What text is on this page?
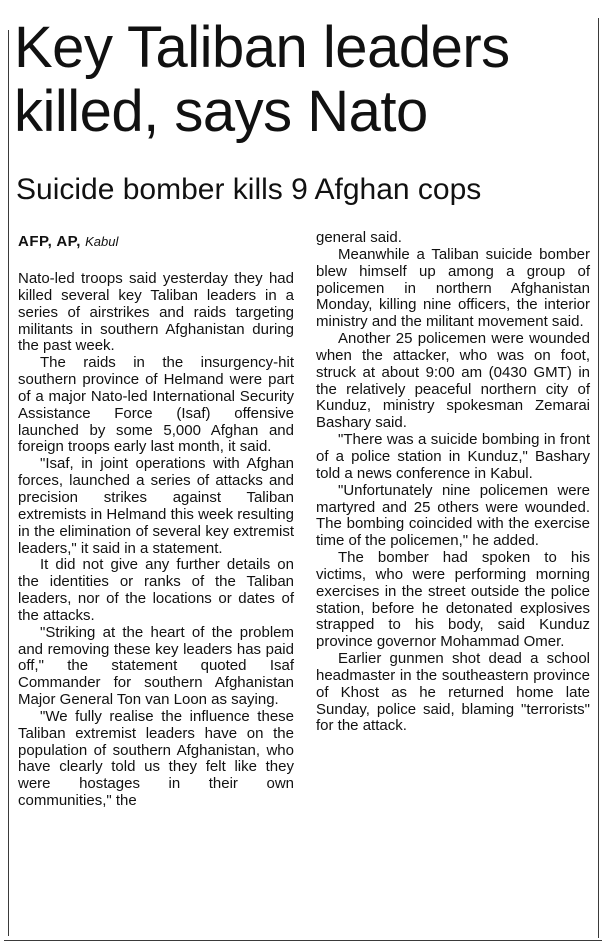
Key Taliban leaders killed, says Nato
Suicide bomber kills 9 Afghan cops
AFP, AP, Kabul

Nato-led troops said yesterday they had killed several key Taliban leaders in a series of airstrikes and raids targeting militants in southern Afghanistan during the past week.

The raids in the insurgency-hit southern province of Helmand were part of a major Nato-led International Security Assistance Force (Isaf) offensive launched by some 5,000 Afghan and foreign troops early last month, it said.

"Isaf, in joint operations with Afghan forces, launched a series of attacks and precision strikes against Taliban extremists in Helmand this week resulting in the elimination of several key extremist leaders," it said in a statement.

It did not give any further details on the identities or ranks of the Taliban leaders, nor of the locations or dates of the attacks.

"Striking at the heart of the problem and removing these key leaders has paid off," the statement quoted Isaf Commander for southern Afghanistan Major General Ton van Loon as saying.

"We fully realise the influence these Taliban extremist leaders have on the population of southern Afghanistan, who have clearly told us they felt like they were hostages in their own communities," the

general said.

Meanwhile a Taliban suicide bomber blew himself up among a group of policemen in northern Afghanistan Monday, killing nine officers, the interior ministry and the militant movement said.

Another 25 policemen were wounded when the attacker, who was on foot, struck at about 9:00 am (0430 GMT) in the relatively peaceful northern city of Kunduz, ministry spokesman Zemarai Bashary said.

"There was a suicide bombing in front of a police station in Kunduz," Bashary told a news conference in Kabul.

"Unfortunately nine policemen were martyred and 25 others were wounded. The bombing coincided with the exercise time of the policemen," he added.

The bomber had spoken to his victims, who were performing morning exercises in the street outside the police station, before he detonated explosives strapped to his body, said Kunduz province governor Mohammad Omer.

Earlier gunmen shot dead a school headmaster in the southeastern province of Khost as he returned home late Sunday, police said, blaming "terrorists" for the attack.
